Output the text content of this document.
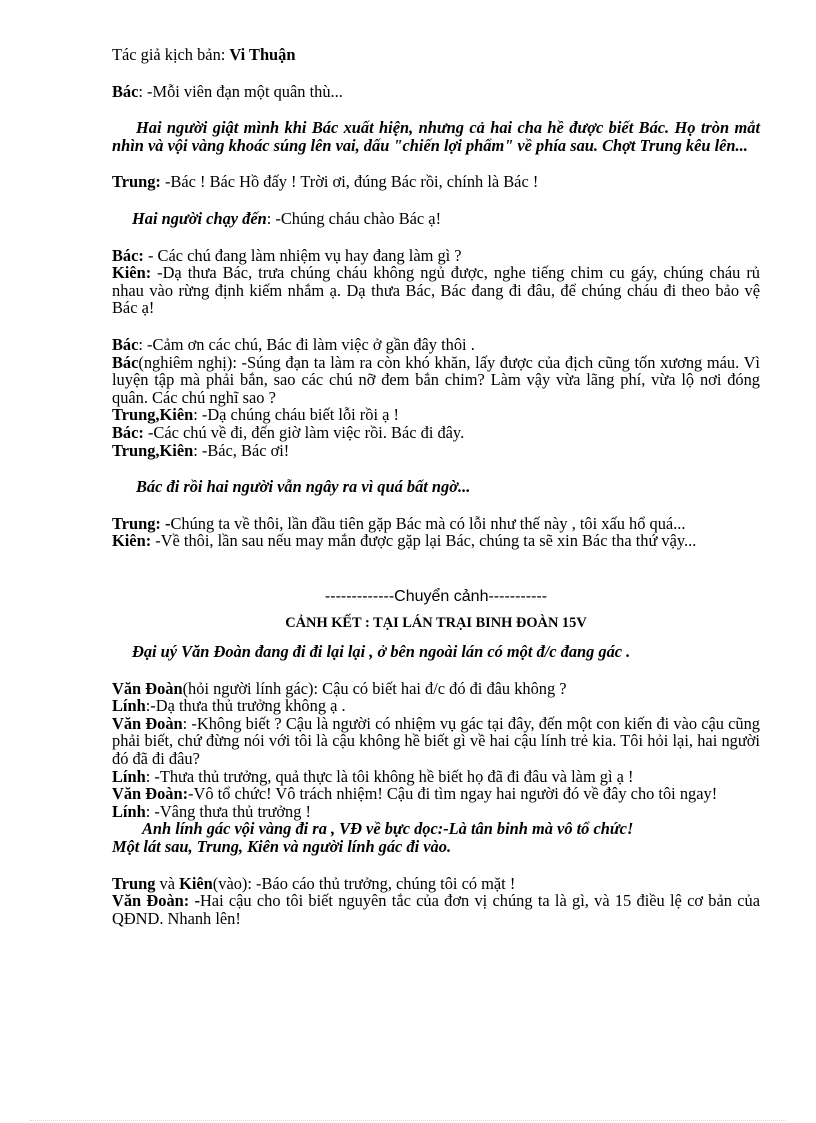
Tác giả kịch bản: Vi Thuận

Bác: -Mỗi viên đạn một quân thù...

Hai người giật mình khi Bác xuất hiện, nhưng cả hai cha hề được biết Bác. Họ tròn mắt nhìn và vội vàng khoác súng lên vai, dấu "chiến lợi phẩm" về phía sau. Chợt Trung kêu lên...

Trung: -Bác ! Bác Hồ đấy ! Trời ơi, đúng Bác rồi, chính là Bác !

Hai người chạy đến: -Chúng cháu chào Bác ạ!

Bác: - Các chú đang làm nhiệm vụ hay đang làm gì ?

Kiên: -Dạ thưa Bác, trưa chúng cháu không ngủ được, nghe tiếng chim cu gáy, chúng cháu rủ nhau vào rừng định kiếm nhắm ạ. Dạ thưa Bác, Bác đang đi đâu, để chúng cháu đi theo bảo vệ Bác ạ!

Bác: -Cảm ơn các chú, Bác đi làm việc ở gần đây thôi .

Bác(nghiêm nghị): -Súng đạn ta làm ra còn khó khăn, lấy được của địch cũng tốn xương máu. Vì luyện tập mà phải bắn, sao các chú nỡ đem bắn chim? Làm vậy vừa lãng phí, vừa lộ nơi đóng quân. Các chú nghĩ sao ?

Trung,Kiên: -Dạ chúng cháu biết lỗi rồi ạ !

Bác: -Các chú về đi, đến giờ làm việc rồi. Bác đi đây.

Trung,Kiên: -Bác, Bác ơi!

Bác đi rồi hai người vẫn ngây ra vì quá bất ngờ...

Trung: -Chúng ta về thôi, lần đầu tiên gặp Bác mà có lỗi như thế này , tôi xấu hổ quá...

Kiên: -Về thôi, lần sau nếu may mắn được gặp lại Bác, chúng ta sẽ xin Bác tha thứ vậy...

-------------Chuyển cảnh-----------

CẢNH KẾT : TẠI LÁN TRẠI BINH ĐOÀN 15V

Đại uý Văn Đoàn đang đi đi lại lại , ở bên ngoài lán có một đ/c đang gác .

Văn Đoàn(hỏi người lính gác): Cậu có biết hai đ/c đó đi đâu không ?

Lính:-Dạ thưa thủ trưởng không ạ .

Văn Đoàn: -Không biết ? Cậu là người có nhiệm vụ gác tại đây, đến một con kiến đi vào cậu cũng phải biết, chứ đừng nói với tôi là cậu không hề biết gì về hai cậu lính trẻ kia. Tôi hỏi lại, hai người đó đã đi đâu?

Lính: -Thưa thủ trưởng, quả thực là tôi không hề biết họ đã đi đâu và làm gì ạ !

Văn Đoàn:-Vô tổ chức! Vô trách nhiệm! Cậu đi tìm ngay hai người đó về đây cho tôi ngay!

Lính: -Vâng thưa thủ trưởng !

Anh lính gác vội vàng đi ra , VĐ về bực dọc:-Là tân binh mà vô tổ chức!

Một lát sau, Trung, Kiên và người lính gác đi vào.

Trung và Kiên(vào): -Báo cáo thủ trưởng, chúng tôi có mặt !

Văn Đoàn: -Hai cậu cho tôi biết nguyên tắc của đơn vị chúng ta là gì, và 15 điều lệ cơ bản của QĐND. Nhanh lên!
